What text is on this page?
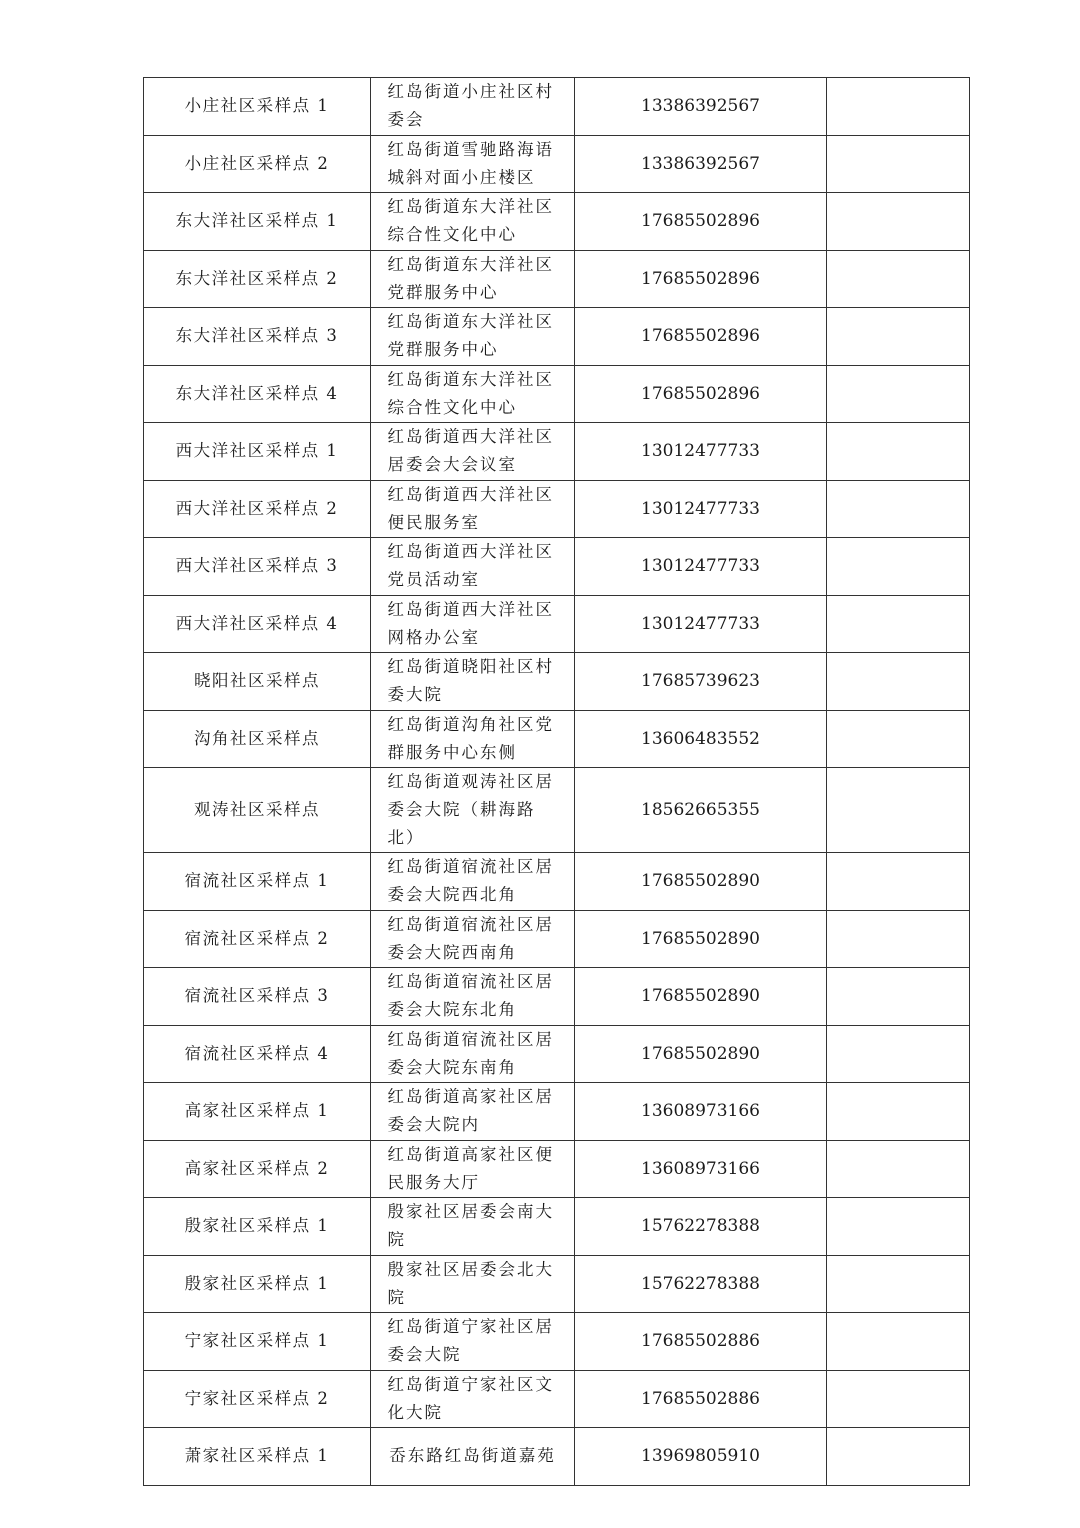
小庄社区采样点 1	红岛街道小庄社区村委会	13386392567	
小庄社区采样点 2	红岛街道雪驰路海语城斜对面小庄楼区	13386392567	
东大洋社区采样点 1	红岛街道东大洋社区综合性文化中心	17685502896	
东大洋社区采样点 2	红岛街道东大洋社区党群服务中心	17685502896	
东大洋社区采样点 3	红岛街道东大洋社区党群服务中心	17685502896	
东大洋社区采样点 4	红岛街道东大洋社区综合性文化中心	17685502896	
西大洋社区采样点 1	红岛街道西大洋社区居委会大会议室	13012477733	
西大洋社区采样点 2	红岛街道西大洋社区便民服务室	13012477733	
西大洋社区采样点 3	红岛街道西大洋社区党员活动室	13012477733	
西大洋社区采样点 4	红岛街道西大洋社区网格办公室	13012477733	
晓阳社区采样点	红岛街道晓阳社区村委大院	17685739623	
沟角社区采样点	红岛街道沟角社区党群服务中心东侧	13606483552	
观涛社区采样点	红岛街道观涛社区居委会大院（耕海路北）	18562665355	
宿流社区采样点 1	红岛街道宿流社区居委会大院西北角	17685502890	
宿流社区采样点 2	红岛街道宿流社区居委会大院西南角	17685502890	
宿流社区采样点 3	红岛街道宿流社区居委会大院东北角	17685502890	
宿流社区采样点 4	红岛街道宿流社区居委会大院东南角	17685502890	
高家社区采样点 1	红岛街道高家社区居委会大院内	13608973166	
高家社区采样点 2	红岛街道高家社区便民服务大厅	13608973166	
殷家社区采样点 1	殷家社区居委会南大院	15762278388	
殷家社区采样点 1	殷家社区居委会北大院	15762278388	
宁家社区采样点 1	红岛街道宁家社区居委会大院	17685502886	
宁家社区采样点 2	红岛街道宁家社区文化大院	17685502886	
萧家社区采样点 1	岙东路红岛街道嘉苑	13969805910	
